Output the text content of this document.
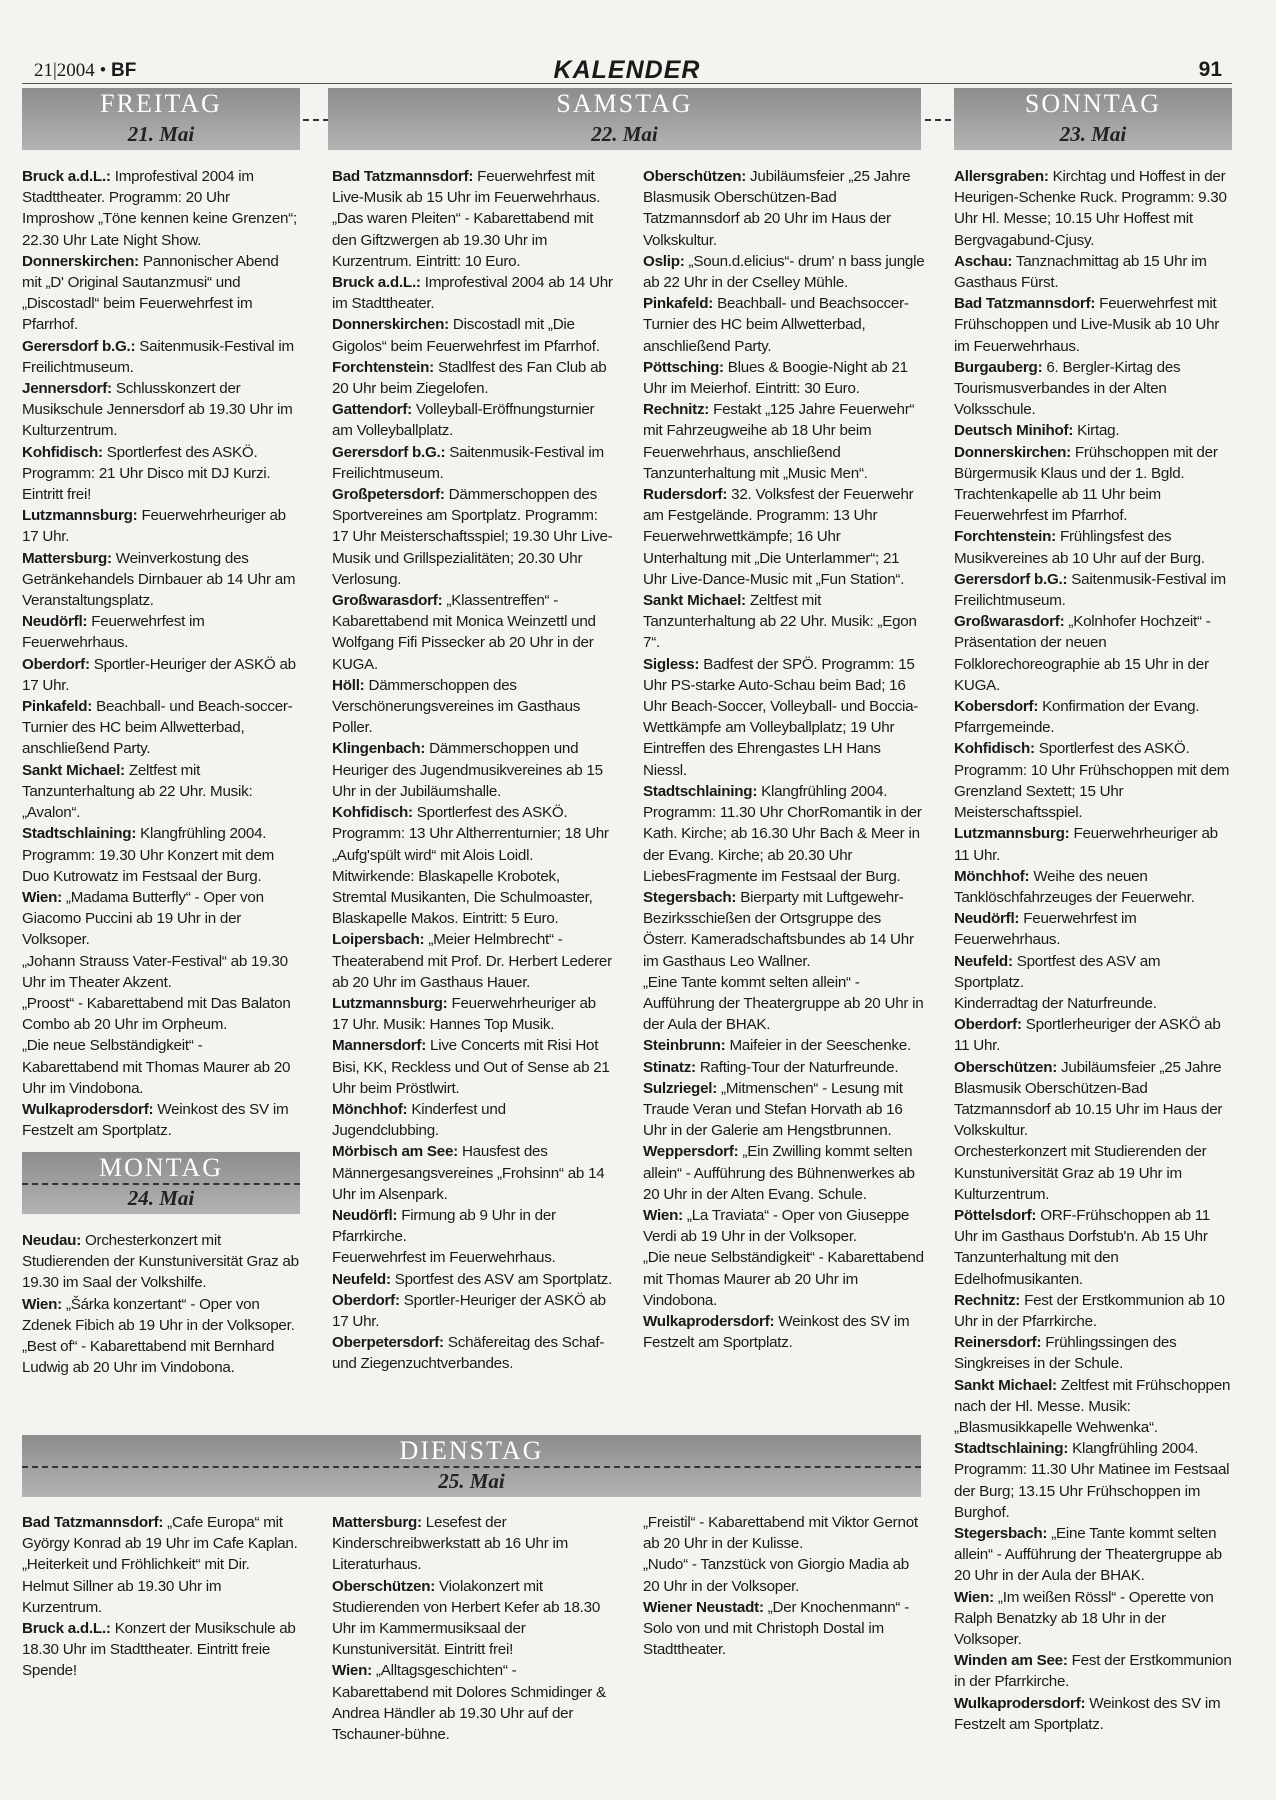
21|2004 • BF	KALENDER	91
FREITAG
21. Mai
SAMSTAG
22. Mai
SONNTAG
23. Mai
MONTAG
24. Mai
DIENSTAG
25. Mai

Bruck a.d.L.: Improfestival 2004 im Stadttheater. Programm: 20 Uhr Improshow „Töne kennen keine Grenzen“; 22.30 Uhr Late Night Show.

Donnerskirchen: Pannonischer Abend mit „D' Original Sautanzmusi“ und „Discostadl“ beim Feuerwehrfest im Pfarrhof.

Gerersdorf b.G.: Saitenmusik-Festival im Freilichtmuseum.

Jennersdorf: Schlusskonzert der Musikschule Jennersdorf ab 19.30 Uhr im Kulturzentrum.

Kohfidisch: Sportlerfest des ASKÖ. Programm: 21 Uhr Disco mit DJ Kurzi. Eintritt frei!

Lutzmannsburg: Feuerwehrheuriger ab 17 Uhr.

Mattersburg: Weinverkostung des Getränkehandels Dirnbauer ab 14 Uhr am Veranstaltungsplatz.

Neudörfl: Feuerwehrfest im Feuerwehrhaus.

Oberdorf: Sportler-Heuriger der ASKÖ ab 17 Uhr.

Pinkafeld: Beachball- und Beach-soccer-Turnier des HC beim Allwetterbad, anschließend Party.

Sankt Michael: Zeltfest mit Tanzunterhaltung ab 22 Uhr. Musik: „Avalon“.

Stadtschlaining: Klangfrühling 2004. Programm: 19.30 Uhr Konzert mit dem Duo Kutrowatz im Festsaal der Burg.

Wien: „Madama Butterfly“ - Oper von Giacomo Puccini ab 19 Uhr in der Volksoper.

„Johann Strauss Vater-Festival“ ab 19.30 Uhr im Theater Akzent.

„Proost“ - Kabarettabend mit Das Balaton Combo ab 20 Uhr im Orpheum.

„Die neue Selbständigkeit“ - Kabarettabend mit Thomas Maurer ab 20 Uhr im Vindobona.

Wulkaprodersdorf: Weinkost des SV im Festzelt am Sportplatz.

Neudau: Orchesterkonzert mit Studierenden der Kunstuniversität Graz ab 19.30 im Saal der Volkshilfe.

Wien: „Šárka konzertant“ - Oper von Zdenek Fibich ab 19 Uhr in der Volksoper.

„Best of“ - Kabarettabend mit Bernhard Ludwig ab 20 Uhr im Vindobona.

Bad Tatzmannsdorf: Feuerwehrfest mit Live-Musik ab 15 Uhr im Feuerwehrhaus.

„Das waren Pleiten“ - Kabarettabend mit den Giftzwergen ab 19.30 Uhr im Kurzentrum. Eintritt: 10 Euro.

Bruck a.d.L.: Improfestival 2004 ab 14 Uhr im Stadttheater.

Donnerskirchen: Discostadl mit „Die Gigolos“ beim Feuerwehrfest im Pfarrhof.

Forchtenstein: Stadlfest des Fan Club ab 20 Uhr beim Ziegelofen.

Gattendorf: Volleyball-Eröffnungsturnier am Volleyballplatz.

Gerersdorf b.G.: Saitenmusik-Festival im Freilichtmuseum.

Großpetersdorf: Dämmerschoppen des Sportvereines am Sportplatz. Programm: 17 Uhr Meisterschaftsspiel; 19.30 Uhr Live-Musik und Grillspezialitäten; 20.30 Uhr Verlosung.

Großwarasdorf: „Klassentreffen“ - Kabarettabend mit Monica Weinzettl und Wolfgang Fifi Pissecker ab 20 Uhr in der KUGA.

Höll: Dämmerschoppen des Verschönerungsvereines im Gasthaus Poller.

Klingenbach: Dämmerschoppen und Heuriger des Jugendmusikvereines ab 15 Uhr in der Jubiläumshalle.

Kohfidisch: Sportlerfest des ASKÖ. Programm: 13 Uhr Altherrenturnier; 18 Uhr „Aufg'spült wird“ mit Alois Loidl. Mitwirkende: Blaskapelle Krobotek, Stremtal Musikanten, Die Schulmoaster, Blaskapelle Makos. Eintritt: 5 Euro.

Loipersbach: „Meier Helmbrecht“ - Theaterabend mit Prof. Dr. Herbert Lederer ab 20 Uhr im Gasthaus Hauer.

Lutzmannsburg: Feuerwehrheuriger ab 17 Uhr. Musik: Hannes Top Musik.

Mannersdorf: Live Concerts mit Risi Hot Bisi, KK, Reckless und Out of Sense ab 21 Uhr beim Pröstlwirt.

Mönchhof: Kinderfest und Jugendclubbing.

Mörbisch am See: Hausfest des Männergesangsvereines „Frohsinn“ ab 14 Uhr im Alsenpark.

Neudörfl: Firmung ab 9 Uhr in der Pfarrkirche.

Feuerwehrfest im Feuerwehrhaus.

Neufeld: Sportfest des ASV am Sportplatz.

Oberdorf: Sportler-Heuriger der ASKÖ ab 17 Uhr.

Oberpetersdorf: Schäfereitag des Schaf- und Ziegenzuchtverbandes.

Oberschützen: Jubiläumsfeier „25 Jahre Blasmusik Oberschützen-Bad Tatzmannsdorf ab 20 Uhr im Haus der Volkskultur.

Oslip: „Soun.d.elicius“- drum' n bass jungle ab 22 Uhr in der Cselley Mühle.

Pinkafeld: Beachball- und Beachsoccer-Turnier des HC beim Allwetterbad, anschließend Party.

Pöttsching: Blues & Boogie-Night ab 21 Uhr im Meierhof. Eintritt: 30 Euro.

Rechnitz: Festakt „125 Jahre Feuerwehr“ mit Fahrzeugweihe ab 18 Uhr beim Feuerwehrhaus, anschließend Tanzunterhaltung mit „Music Men“.

Rudersdorf: 32. Volksfest der Feuerwehr am Festgelände. Programm: 13 Uhr Feuerwehrwettkämpfe; 16 Uhr Unterhaltung mit „Die Unterlammer“; 21 Uhr Live-Dance-Music mit „Fun Station“.

Sankt Michael: Zeltfest mit Tanzunterhaltung ab 22 Uhr. Musik: „Egon 7“.

Sigless: Badfest der SPÖ. Programm: 15 Uhr PS-starke Auto-Schau beim Bad; 16 Uhr Beach-Soccer, Volleyball- und Boccia-Wettkämpfe am Volleyballplatz; 19 Uhr Eintreffen des Ehrengastes LH Hans Niessl.

Stadtschlaining: Klangfrühling 2004. Programm: 11.30 Uhr ChorRomantik in der Kath. Kirche; ab 16.30 Uhr Bach & Meer in der Evang. Kirche; ab 20.30 Uhr LiebesFragmente im Festsaal der Burg.

Stegersbach: Bierparty mit Luftgewehr-Bezirksschießen der Ortsgruppe des Österr. Kameradschaftsbundes ab 14 Uhr im Gasthaus Leo Wallner.

„Eine Tante kommt selten allein“ - Aufführung der Theatergruppe ab 20 Uhr in der Aula der BHAK.

Steinbrunn: Maifeier in der Seeschenke.

Stinatz: Rafting-Tour der Naturfreunde.

Sulzriegel: „Mitmenschen“ - Lesung mit Traude Veran und Stefan Horvath ab 16 Uhr in der Galerie am Hengstbrunnen.

Weppersdorf: „Ein Zwilling kommt selten allein“ - Aufführung des Bühnenwerkes ab 20 Uhr in der Alten Evang. Schule.

Wien: „La Traviata“ - Oper von Giuseppe Verdi ab 19 Uhr in der Volksoper.

„Die neue Selbständigkeit“ - Kabarettabend mit Thomas Maurer ab 20 Uhr im Vindobona.

Wulkaprodersdorf: Weinkost des SV im Festzelt am Sportplatz.

Allersgraben: Kirchtag und Hoffest in der Heurigen-Schenke Ruck. Programm: 9.30 Uhr Hl. Messe; 10.15 Uhr Hoffest mit Bergvagabund-Cjusy.

Aschau: Tanznachmittag ab 15 Uhr im Gasthaus Fürst.

Bad Tatzmannsdorf: Feuerwehrfest mit Frühschoppen und Live-Musik ab 10 Uhr im Feuerwehrhaus.

Burgauberg: 6. Bergler-Kirtag des Tourismusverbandes in der Alten Volksschule.

Deutsch Minihof: Kirtag.

Donnerskirchen: Frühschoppen mit der Bürgermusik Klaus und der 1. Bgld. Trachtenkapelle ab 11 Uhr beim Feuerwehrfest im Pfarrhof.

Forchtenstein: Frühlingsfest des Musikvereines ab 10 Uhr auf der Burg.

Gerersdorf b.G.: Saitenmusik-Festival im Freilichtmuseum.

Großwarasdorf: „Kolnhofer Hochzeit“ - Präsentation der neuen Folklorechoreographie ab 15 Uhr in der KUGA.

Kobersdorf: Konfirmation der Evang. Pfarrgemeinde.

Kohfidisch: Sportlerfest des ASKÖ. Programm: 10 Uhr Frühschoppen mit dem Grenzland Sextett; 15 Uhr Meisterschaftsspiel.

Lutzmannsburg: Feuerwehrheuriger ab 11 Uhr.

Mönchhof: Weihe des neuen Tanklöschfahrzeuges der Feuerwehr.

Neudörfl: Feuerwehrfest im Feuerwehrhaus.

Neufeld: Sportfest des ASV am Sportplatz.

Kinderradtag der Naturfreunde.

Oberdorf: Sportlerheuriger der ASKÖ ab 11 Uhr.

Oberschützen: Jubiläumsfeier „25 Jahre Blasmusik Oberschützen-Bad Tatzmannsdorf ab 10.15 Uhr im Haus der Volkskultur.

Orchesterkonzert mit Studierenden der Kunstuniversität Graz ab 19 Uhr im Kulturzentrum.

Pöttelsdorf: ORF-Frühschoppen ab 11 Uhr im Gasthaus Dorfstub'n. Ab 15 Uhr Tanzunterhaltung mit den Edelhofmusikanten.

Rechnitz: Fest der Erstkommunion ab 10 Uhr in der Pfarrkirche.

Reinersdorf: Frühlingssingen des Singkreises in der Schule.

Sankt Michael: Zeltfest mit Frühschoppen nach der Hl. Messe. Musik: „Blasmusikkapelle Wehwenka“.

Stadtschlaining: Klangfrühling 2004. Programm: 11.30 Uhr Matinee im Festsaal der Burg; 13.15 Uhr Frühschoppen im Burghof.

Stegersbach: „Eine Tante kommt selten allein“ - Aufführung der Theatergruppe ab 20 Uhr in der Aula der BHAK.

Wien: „Im weißen Rössl“ - Operette von Ralph Benatzky ab 18 Uhr in der Volksoper.

Winden am See: Fest der Erstkommunion in der Pfarrkirche.

Wulkaprodersdorf: Weinkost des SV im Festzelt am Sportplatz.

Bad Tatzmannsdorf: „Cafe Europa“ mit György Konrad ab 19 Uhr im Cafe Kaplan.

„Heiterkeit und Fröhlichkeit“ mit Dir. Helmut Sillner ab 19.30 Uhr im Kurzentrum.

Bruck a.d.L.: Konzert der Musikschule ab 18.30 Uhr im Stadttheater. Eintritt freie Spende!

Mattersburg: Lesefest der Kinderschreibwerkstatt ab 16 Uhr im Literaturhaus.

Oberschützen: Violakonzert mit Studierenden von Herbert Kefer ab 18.30 Uhr im Kammermusiksaal der Kunstuniversität. Eintritt frei!

Wien: „Alltagsgeschichten“ - Kabarettabend mit Dolores Schmidinger & Andrea Händler ab 19.30 Uhr auf der Tschauner-bühne.

„Freistil“ - Kabarettabend mit Viktor Gernot ab 20 Uhr in der Kulisse.

„Nudo“ - Tanzstück von Giorgio Madia ab 20 Uhr in der Volksoper.

Wiener Neustadt: „Der Knochenmann“ - Solo von und mit Christoph Dostal im Stadttheater.
